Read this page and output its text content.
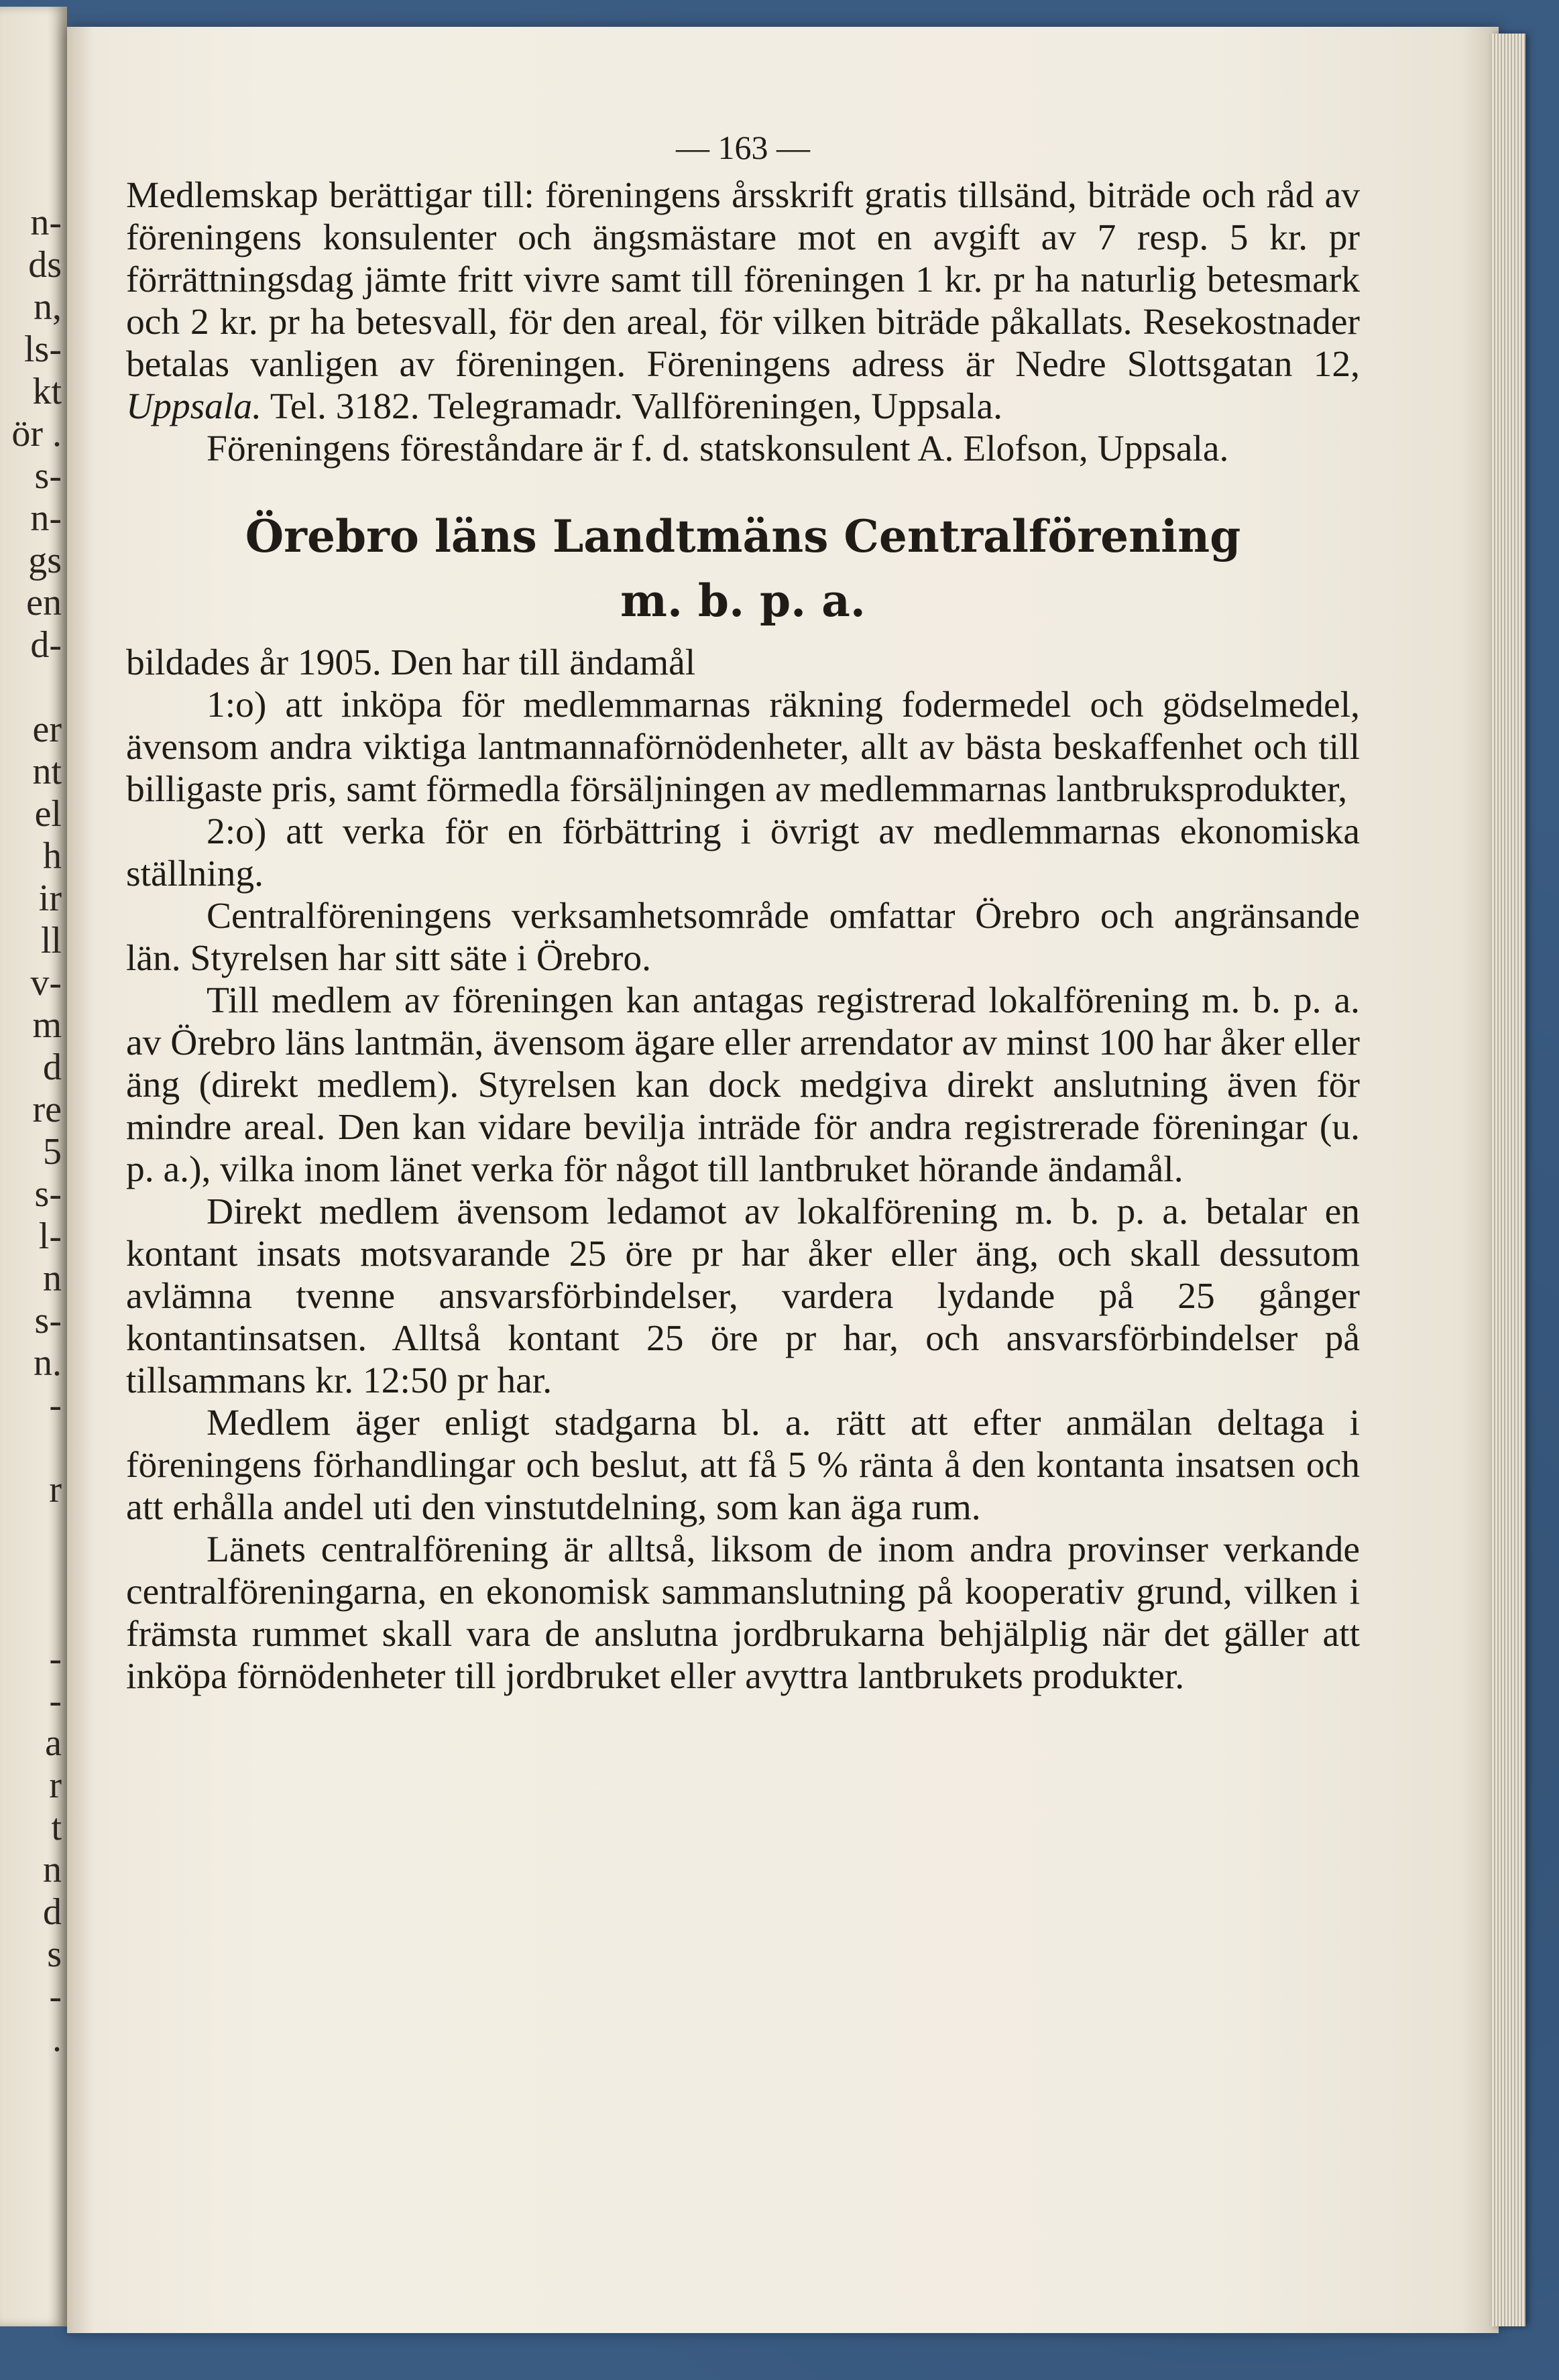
n-
ds
n,
ls-
kt
ör .
s-
n-
gs
en
d-
er
nt
el
h
ir
ll
v-
m
d
re
5
s-
l-
n
s-
n.
-
r
-
-
a
r
t
n
d
s
-
.
— 163 —

Medlemskap berättigar till: föreningens årsskrift gratis tillsänd, biträde och råd av föreningens konsulenter och ängsmästare mot en avgift av 7 resp. 5 kr. pr förrättningsdag jämte fritt vivre samt till föreningen 1 kr. pr ha naturlig betesmark och 2 kr. pr ha betesvall, för den areal, för vilken biträde påkallats. Resekostnader betalas vanligen av föreningen. Föreningens adress är Nedre Slottsgatan 12, Uppsala. Tel. 3182. Telegramadr. Vallföreningen, Uppsala.

Föreningens föreståndare är f. d. statskonsulent A. Elofson, Uppsala.

Örebro läns Landtmäns Centralförening
m. b. p. a.

bildades år 1905. Den har till ändamål

1:o) att inköpa för medlemmarnas räkning fodermedel och gödselmedel, ävensom andra viktiga lantmannaförnödenheter, allt av bästa beskaffenhet och till billigaste pris, samt förmedla försäljningen av medlemmarnas lantbruksprodukter,

2:o) att verka för en förbättring i övrigt av medlemmarnas ekonomiska ställning.

Centralföreningens verksamhetsområde omfattar Örebro och angränsande län. Styrelsen har sitt säte i Örebro.

Till medlem av föreningen kan antagas registrerad lokalförening m. b. p. a. av Örebro läns lantmän, ävensom ägare eller arrendator av minst 100 har åker eller äng (direkt medlem). Styrelsen kan dock medgiva direkt anslutning även för mindre areal. Den kan vidare bevilja inträde för andra registrerade föreningar (u. p. a.), vilka inom länet verka för något till lantbruket hörande ändamål.

Direkt medlem ävensom ledamot av lokalförening m. b. p. a. betalar en kontant insats motsvarande 25 öre pr har åker eller äng, och skall dessutom avlämna tvenne ansvarsförbindelser, vardera lydande på 25 gånger kontantinsatsen. Alltså kontant 25 öre pr har, och ansvarsförbindelser på tillsammans kr. 12:50 pr har.

Medlem äger enligt stadgarna bl. a. rätt att efter anmälan deltaga i föreningens förhandlingar och beslut, att få 5 % ränta å den kontanta insatsen och att erhålla andel uti den vinstutdelning, som kan äga rum.

Länets centralförening är alltså, liksom de inom andra provinser verkande centralföreningarna, en ekonomisk sammanslutning på kooperativ grund, vilken i främsta rummet skall vara de anslutna jordbrukarna behjälplig när det gäller att inköpa förnödenheter till jordbruket eller avyttra lantbrukets produkter.
